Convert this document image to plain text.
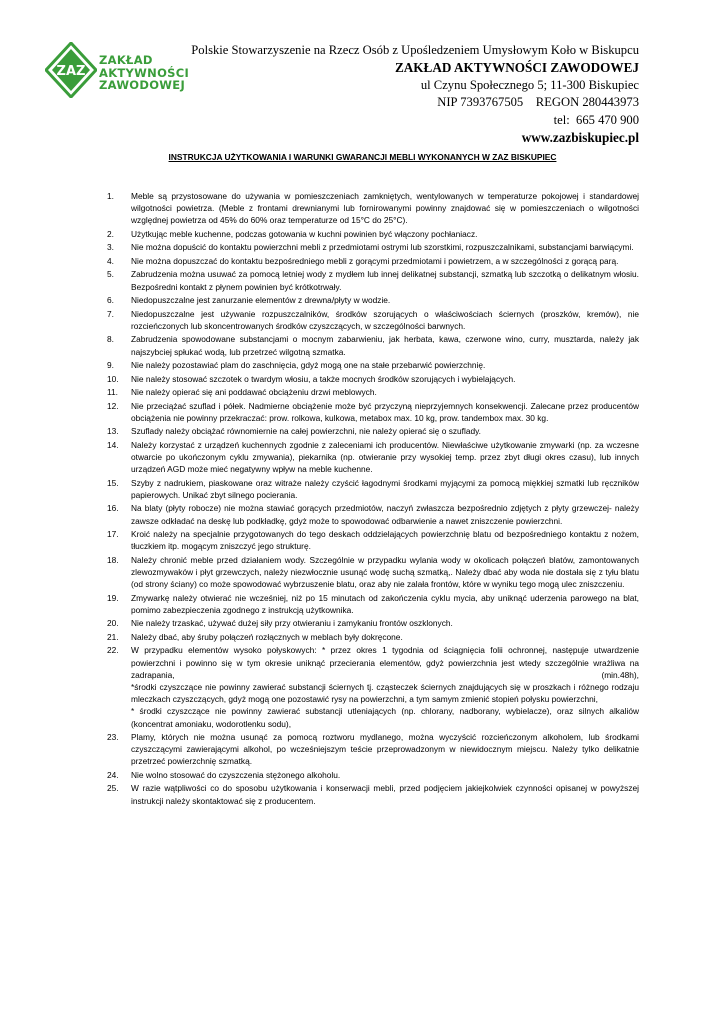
ZAZ
ZAKŁAD
AKTYWNOŚCI
ZAWODOWEJ
Polskie Stowarzyszenie na Rzecz Osób z Upośledzeniem Umysłowym Koło w Biskupcu
ZAKŁAD AKTYWNOŚCI ZAWODOWEJ
ul Czynu Społecznego 5; 11-300 Biskupiec
NIP 7393767505    REGON 280443973
tel:  665 470 900
www.zazbiskupiec.pl
INSTRUKCJA UŻYTKOWANIA I WARUNKI GWARANCJI MEBLI WYKONANYCH W ZAZ BISKUPIEC
1. Meble są przystosowane do używania w pomieszczeniach zamkniętych, wentylowanych w temperaturze pokojowej i standardowej wilgotności powietrza. (Meble z frontami drewnianymi lub fornirowanymi powinny znajdować się w pomieszczeniach o wilgotności względnej powietrza od 45% do 60% oraz temperaturze od 15°C do 25°C).

2. Użytkując meble kuchenne, podczas gotowania w kuchni powinien być włączony pochłaniacz.

3. Nie można dopuścić do kontaktu powierzchni mebli z przedmiotami ostrymi lub szorstkimi, rozpuszczalnikami, substancjami barwiącymi.

4. Nie można dopuszczać do kontaktu bezpośredniego mebli z gorącymi przedmiotami i powietrzem, a w szczególności z gorącą parą.

5. Zabrudzenia można usuwać za pomocą letniej wody z mydłem lub innej delikatnej substancji, szmatką lub szczotką o delikatnym włosiu. Bezpośredni kontakt z płynem powinien być krótkotrwały.

6. Niedopuszczalne jest zanurzanie elementów z drewna/płyty w wodzie.

7. Niedopuszczalne jest używanie rozpuszczalników, środków szorujących o właściwościach ściernych (proszków, kremów), nie rozcieńczonych lub skoncentrowanych środków czyszczących, w szczególności barwnych.

8. Zabrudzenia spowodowane substancjami o mocnym zabarwieniu, jak herbata, kawa, czerwone wino, curry, musztarda, należy jak najszybciej spłukać wodą, lub przetrzeć wilgotną szmatka.

9. Nie należy pozostawiać plam do zaschnięcia, gdyż mogą one na stałe przebarwić powierzchnię.

10. Nie należy stosować szczotek o twardym włosiu, a także mocnych środków szorujących i wybielających.

11. Nie należy opierać się ani poddawać obciążeniu drzwi meblowych.

12. Nie przeciążać szuflad i półek. Nadmierne obciążenie może być przyczyną nieprzyjemnych konsekwencji. Zalecane przez producentów obciążenia nie powinny przekraczać: prow. rolkowa, kulkowa, metabox max. 10 kg, prow. tandembox max. 30 kg.

13. Szuflady należy obciążać równomiernie na całej powierzchni, nie należy opierać się o szuflady.

14. Należy korzystać z urządzeń kuchennych zgodnie z zaleceniami ich producentów. Niewłaściwe użytkowanie zmywarki (np. za wczesne otwarcie po ukończonym cyklu zmywania), piekarnika (np. otwieranie przy wysokiej temp. przez zbyt długi okres czasu), lub innych urządzeń AGD może mieć negatywny wpływ na meble kuchenne.

15. Szyby z nadrukiem, piaskowane oraz witraże należy czyścić łagodnymi środkami myjącymi za pomocą miękkiej szmatki lub ręczników papierowych. Unikać zbyt silnego pocierania.

16. Na blaty (płyty robocze) nie można stawiać gorących przedmiotów, naczyń zwłaszcza bezpośrednio zdjętych z płyty grzewczej- należy zawsze odkładać na deskę lub podkładkę, gdyż może to spowodować odbarwienie a nawet zniszczenie powierzchni.

17. Kroić należy na specjalnie przygotowanych do tego deskach oddzielających powierzchnię blatu od bezpośredniego kontaktu z nożem, tłuczkiem itp. mogącym zniszczyć jego strukturę.

18. Należy chronić meble przed działaniem wody. Szczególnie w przypadku wylania wody w okolicach połączeń blatów, zamontowanych zlewozmywaków i płyt grzewczych, należy niezwłocznie usunąć wodę suchą szmatką,. Należy dbać aby woda nie dostała się z tyłu blatu (od strony ściany) co może spowodować wybrzuszenie blatu, oraz aby nie zalała frontów, które w wyniku tego mogą ulec zniszczeniu.

19. Zmywarkę należy otwierać nie wcześniej, niż po 15 minutach od zakończenia cyklu mycia, aby uniknąć uderzenia parowego na blat, pomimo zabezpieczenia zgodnego z instrukcją użytkownika.

20. Nie należy trzaskać, używać dużej siły przy otwieraniu i zamykaniu frontów oszklonych.

21. Należy dbać, aby śruby połączeń rozłącznych w meblach były dokręcone.

22. W przypadku elementów wysoko połyskowych: * przez okres 1 tygodnia od ściągnięcia folii ochronnej, następuje utwardzenie powierzchni i powinno się w tym okresie uniknąć przecierania elementów, gdyż powierzchnia jest wtedy szczególnie wrażliwa na zadrapania,	(min.48h),

*środki czyszczące nie powinny zawierać substancji ściernych tj. cząsteczek ściernych znajdujących się w proszkach i różnego rodzaju mleczkach czyszczących, gdyż mogą one pozostawić rysy na powierzchni, a tym samym zmienić stopień połysku powierzchni,

* środki czyszczące nie powinny zawierać substancji utleniających (np. chlorany, nadborany, wybielacze), oraz silnych alkaliów (koncentrat amoniaku, wodorotlenku sodu),

23. Plamy, których nie można usunąć za pomocą roztworu mydlanego, można wyczyścić rozcieńczonym alkoholem, lub środkami czyszczącymi zawierającymi alkohol, po wcześniejszym teście przeprowadzonym w niewidocznym miejscu. Należy tylko delikatnie przetrzeć powierzchnię szmatką.

24. Nie wolno stosować do czyszczenia stężonego alkoholu.

25. W razie wątpliwości co do sposobu użytkowania i konserwacji mebli, przed podjęciem jakiejkolwiek czynności opisanej w powyższej instrukcji należy skontaktować się z producentem.
